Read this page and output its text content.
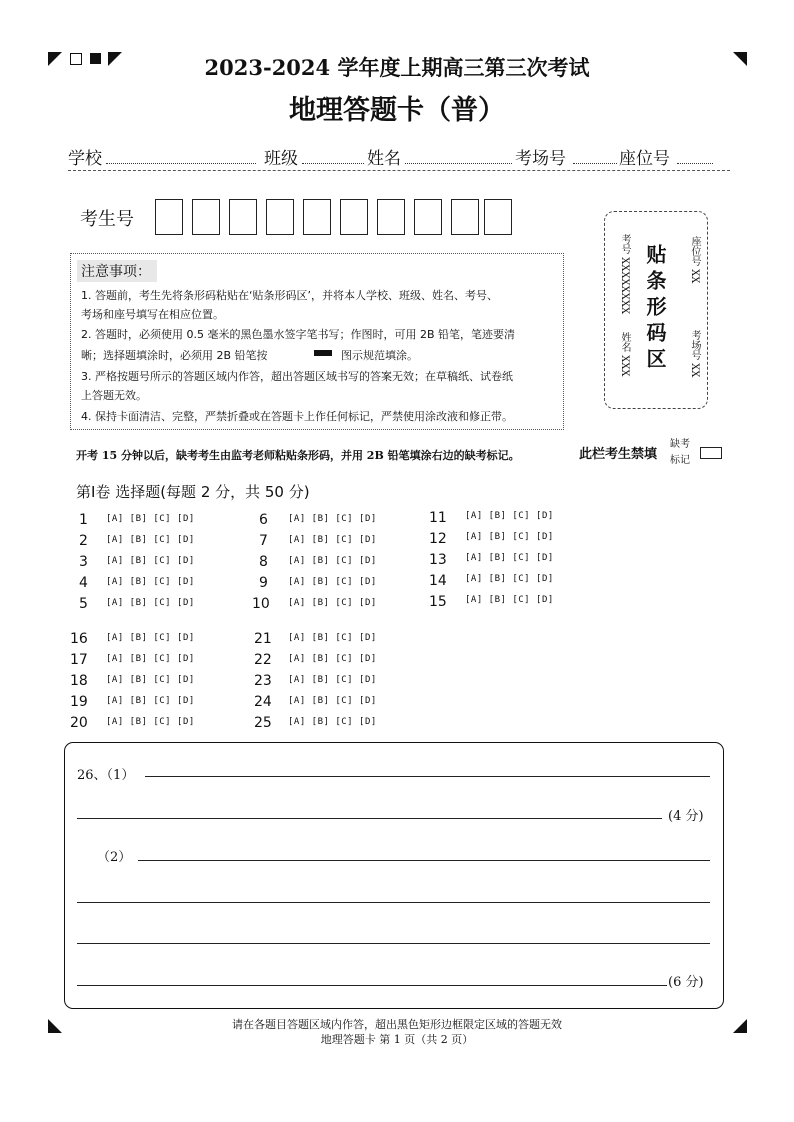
2023-2024 学年度上期高三第三次考试
地理答题卡（普）
学校	班级	姓名	考场号	座位号
考生号
注意事项：
1. 答题前，考生先将条形码粘贴在‘贴条形码区’，并将本人学校、班级、姓名、考号、
考场和座号填写在相应位置。
2. 答题时，必须使用 0.5 毫米的黑色墨水签字笔书写；作图时，可用 2B 铅笔，笔迹要清
晰；选择题填涂时，必须用 2B 铅笔按	图示规范填涂。
3. 严格按题号所示的答题区域内作答，超出答题区域书写的答案无效；在草稿纸、试卷纸
上答题无效。
4. 保持卡面清洁、完整，严禁折叠或在答题卡上作任何标记，严禁使用涂改液和修正带。
考号 XXXXXXXX
姓名 XXX 贴条形码区	座位号 XX
考场号 XX
开考 15 分钟以后，缺考考生由监考老师粘贴条形码，并用 2B 铅笔填涂右边的缺考标记。	此栏考生禁填
缺考标记
第Ⅰ卷 选择题(每题 2 分，共 50 分)
1	[A] [B] [C] [D]
2	[A] [B] [C] [D]
3	[A] [B] [C] [D]
4	[A] [B] [C] [D]
5	[A] [B] [C] [D]
6	[A] [B] [C] [D]
7	[A] [B] [C] [D]
8	[A] [B] [C] [D]
9	[A] [B] [C] [D]
10	[A] [B] [C] [D]
11	[A] [B] [C] [D]
12	[A] [B] [C] [D]
13	[A] [B] [C] [D]
14	[A] [B] [C] [D]
15	[A] [B] [C] [D]
16	[A] [B] [C] [D]
17	[A] [B] [C] [D]
18	[A] [B] [C] [D]
19	[A] [B] [C] [D]
20	[A] [B] [C] [D]
21	[A] [B] [C] [D]
22	[A] [B] [C] [D]
23	[A] [B] [C] [D]
24	[A] [B] [C] [D]
25	[A] [B] [C] [D]
26、（1）
(4 分)
（2）
(6 分)
请在各题目答题区域内作答，超出黑色矩形边框限定区域的答题无效
地理答题卡 第 1 页（共 2 页）
